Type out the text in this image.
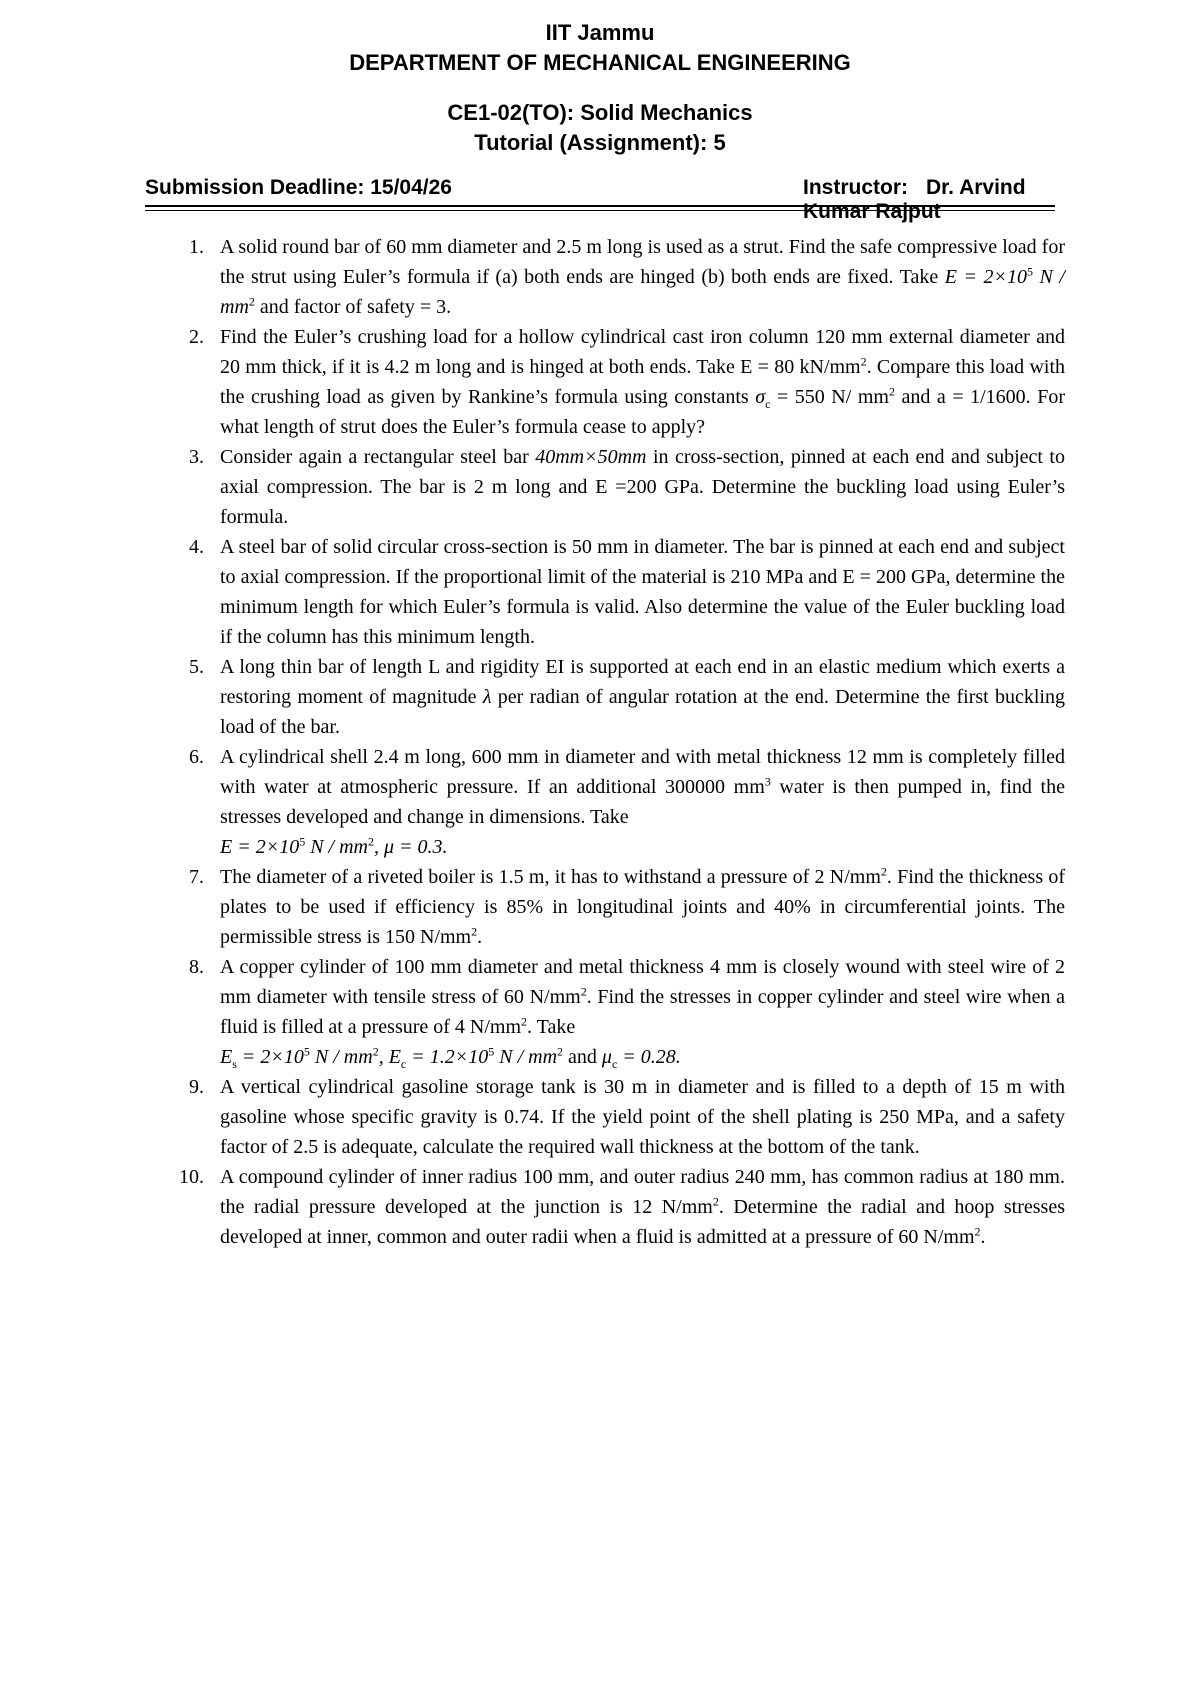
IIT Jammu
DEPARTMENT OF MECHANICAL ENGINEERING
CE1-02(TO): Solid Mechanics
Tutorial (Assignment): 5
Submission Deadline: 15/04/26	Instructor: Dr. Arvind Kumar Rajput
1. A solid round bar of 60 mm diameter and 2.5 m long is used as a strut. Find the safe compressive load for the strut using Euler’s formula if (a) both ends are hinged (b) both ends are fixed. Take $E = 2\times 10^5$ N / $mm^2$ and factor of safety = 3.
2. Find the Euler’s crushing load for a hollow cylindrical cast iron column 120 mm external diameter and 20 mm thick, if it is 4.2 m long and is hinged at both ends. Take E = 80 $kN/mm^2$. Compare this load with the crushing load as given by Rankine’s formula using constants $\sigma_c = 550$ N/ $mm^2$ and a = 1/1600. For what length of strut does the Euler’s formula cease to apply?
3. Consider again a rectangular steel bar 40mm×50mm in cross-section, pinned at each end and subject to axial compression. The bar is 2 m long and E =200 GPa. Determine the buckling load using Euler’s formula.
4. A steel bar of solid circular cross-section is 50 mm in diameter. The bar is pinned at each end and subject to axial compression. If the proportional limit of the material is 210 MPa and E = 200 GPa, determine the minimum length for which Euler’s formula is valid. Also determine the value of the Euler buckling load if the column has this minimum length.
5. A long thin bar of length L and rigidity EI is supported at each end in an elastic medium which exerts a restoring moment of magnitude λ per radian of angular rotation at the end. Determine the first buckling load of the bar.
6. A cylindrical shell 2.4 m long, 600 mm in diameter and with metal thickness 12 mm is completely filled with water at atmospheric pressure. If an additional 300000 $mm^3$ water is then pumped in, find the stresses developed and change in dimensions. Take
$E = 2\times 10^5$ N / $mm^2$, μ = 0.3.
7. The diameter of a riveted boiler is 1.5 m, it has to withstand a pressure of 2 $N/mm^2$. Find the thickness of plates to be used if efficiency is 85% in longitudinal joints and 40% in circumferential joints. The permissible stress is 150 $N/mm^2$.
8. A copper cylinder of 100 mm diameter and metal thickness 4 mm is closely wound with steel wire of 2 mm diameter with tensile stress of 60 $N/mm^2$. Find the stresses in copper cylinder and steel wire when a fluid is filled at a pressure of 4 $N/mm^2$. Take
$E_s = 2\times 10^5$ N / $mm^2$, $E_c = 1.2\times 10^5$ N / $mm^2$ and $\mu_c = 0.28$.
9. A vertical cylindrical gasoline storage tank is 30 m in diameter and is filled to a depth of 15 m with gasoline whose specific gravity is 0.74. If the yield point of the shell plating is 250 MPa, and a safety factor of 2.5 is adequate, calculate the required wall thickness at the bottom of the tank.
10. A compound cylinder of inner radius 100 mm, and outer radius 240 mm, has common radius at 180 mm. the radial pressure developed at the junction is 12 $N/mm^2$. Determine the radial and hoop stresses developed at inner, common and outer radii when a fluid is admitted at a pressure of 60 $N/mm^2$.
